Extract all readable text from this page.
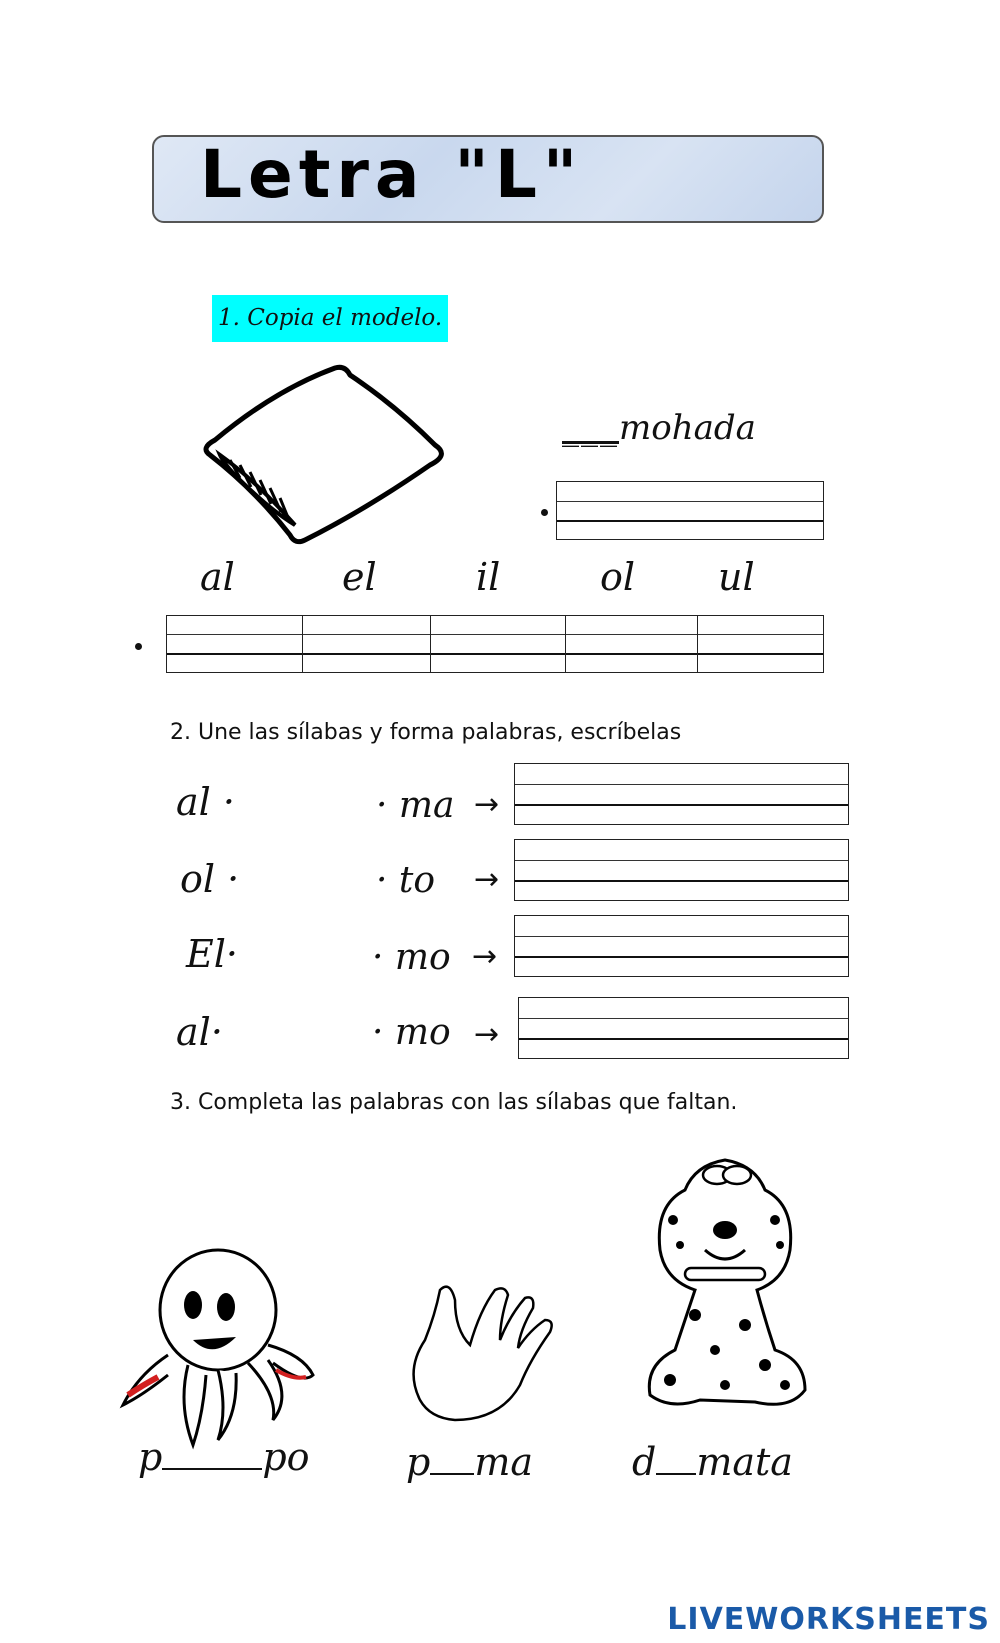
Letra "L"
1. Copia el modelo.
___mohada
al	el	il	ol ul
2. Une las sílabas y forma palabras, escríbelas
al ·	· ma →
ol ·	· to →
El·	· mo →
al·	· mo →
3. Completa las palabras con las sílabas que faltan.
p	po	p ma	d mata
LIVEWORKSHEETS
